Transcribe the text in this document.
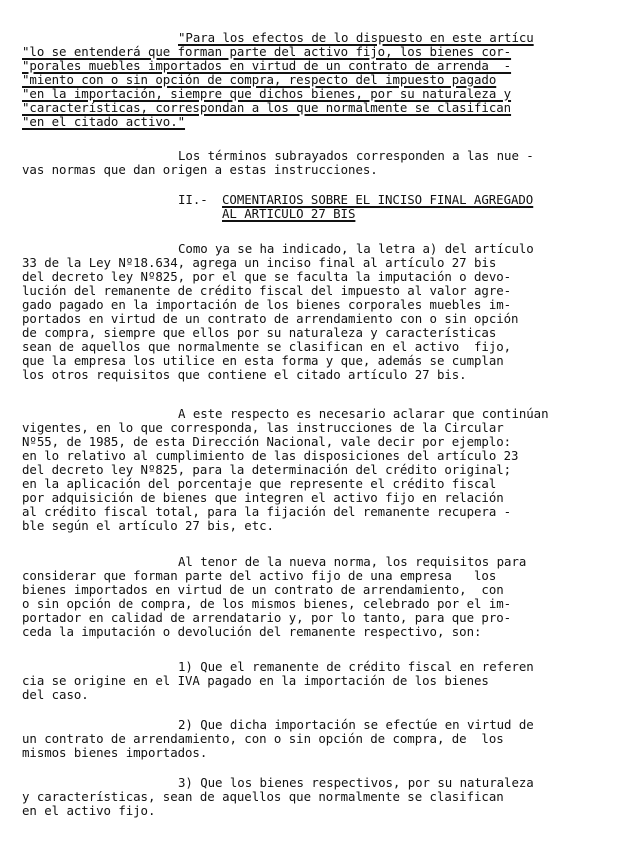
"Para los efectos de lo dispuesto en este artícu
"lo se entenderá que forman parte del activo fijo, los bienes cor-
"porales muebles importados en virtud de un contrato de arrenda  -
"miento con o sin opción de compra, respecto del impuesto pagado
"en la importación, siempre que dichos bienes, por su naturaleza y
"características, correspondan a los que normalmente se clasifican
"en el citado activo."
Los términos subrayados corresponden a las nue -
vas normas que dan origen a estas instrucciones.
II.- COMENTARIOS SOBRE EL INCISO FINAL AGREGADO
AL ARTICULO 27 BIS
Como ya se ha indicado, la letra a) del artículo
33 de la Ley Nº18.634, agrega un inciso final al artículo 27 bis
del decreto ley Nº825, por el que se faculta la imputación o devo-
lución del remanente de crédito fiscal del impuesto al valor agre-
gado pagado en la importación de los bienes corporales muebles im-
portados en virtud de un contrato de arrendamiento con o sin opción
de compra, siempre que ellos por su naturaleza y características
sean de aquellos que normalmente se clasifican en el activo  fijo,
que la empresa los utilice en esta forma y que, además se cumplan
los otros requisitos que contiene el citado artículo 27 bis.
A este respecto es necesario aclarar que continúan
vigentes, en lo que corresponda, las instrucciones de la Circular
Nº55, de 1985, de esta Dirección Nacional, vale decir por ejemplo:
en lo relativo al cumplimiento de las disposiciones del artículo 23
del decreto ley Nº825, para la determinación del crédito original;
en la aplicación del porcentaje que represente el crédito fiscal
por adquisición de bienes que integren el activo fijo en relación
al crédito fiscal total, para la fijación del remanente recupera -
ble según el artículo 27 bis, etc.
Al tenor de la nueva norma, los requisitos para
considerar que forman parte del activo fijo de una empresa   los
bienes importados en virtud de un contrato de arrendamiento,  con
o sin opción de compra, de los mismos bienes, celebrado por el im-
portador en calidad de arrendatario y, por lo tanto, para que pro-
ceda la imputación o devolución del remanente respectivo, son:
1) Que el remanente de crédito fiscal en referen
cia se origine en el IVA pagado en la importación de los bienes
del caso.
2) Que dicha importación se efectúe en virtud de
un contrato de arrendamiento, con o sin opción de compra, de  los
mismos bienes importados.
3) Que los bienes respectivos, por su naturaleza
y características, sean de aquellos que normalmente se clasifican
en el activo fijo.
